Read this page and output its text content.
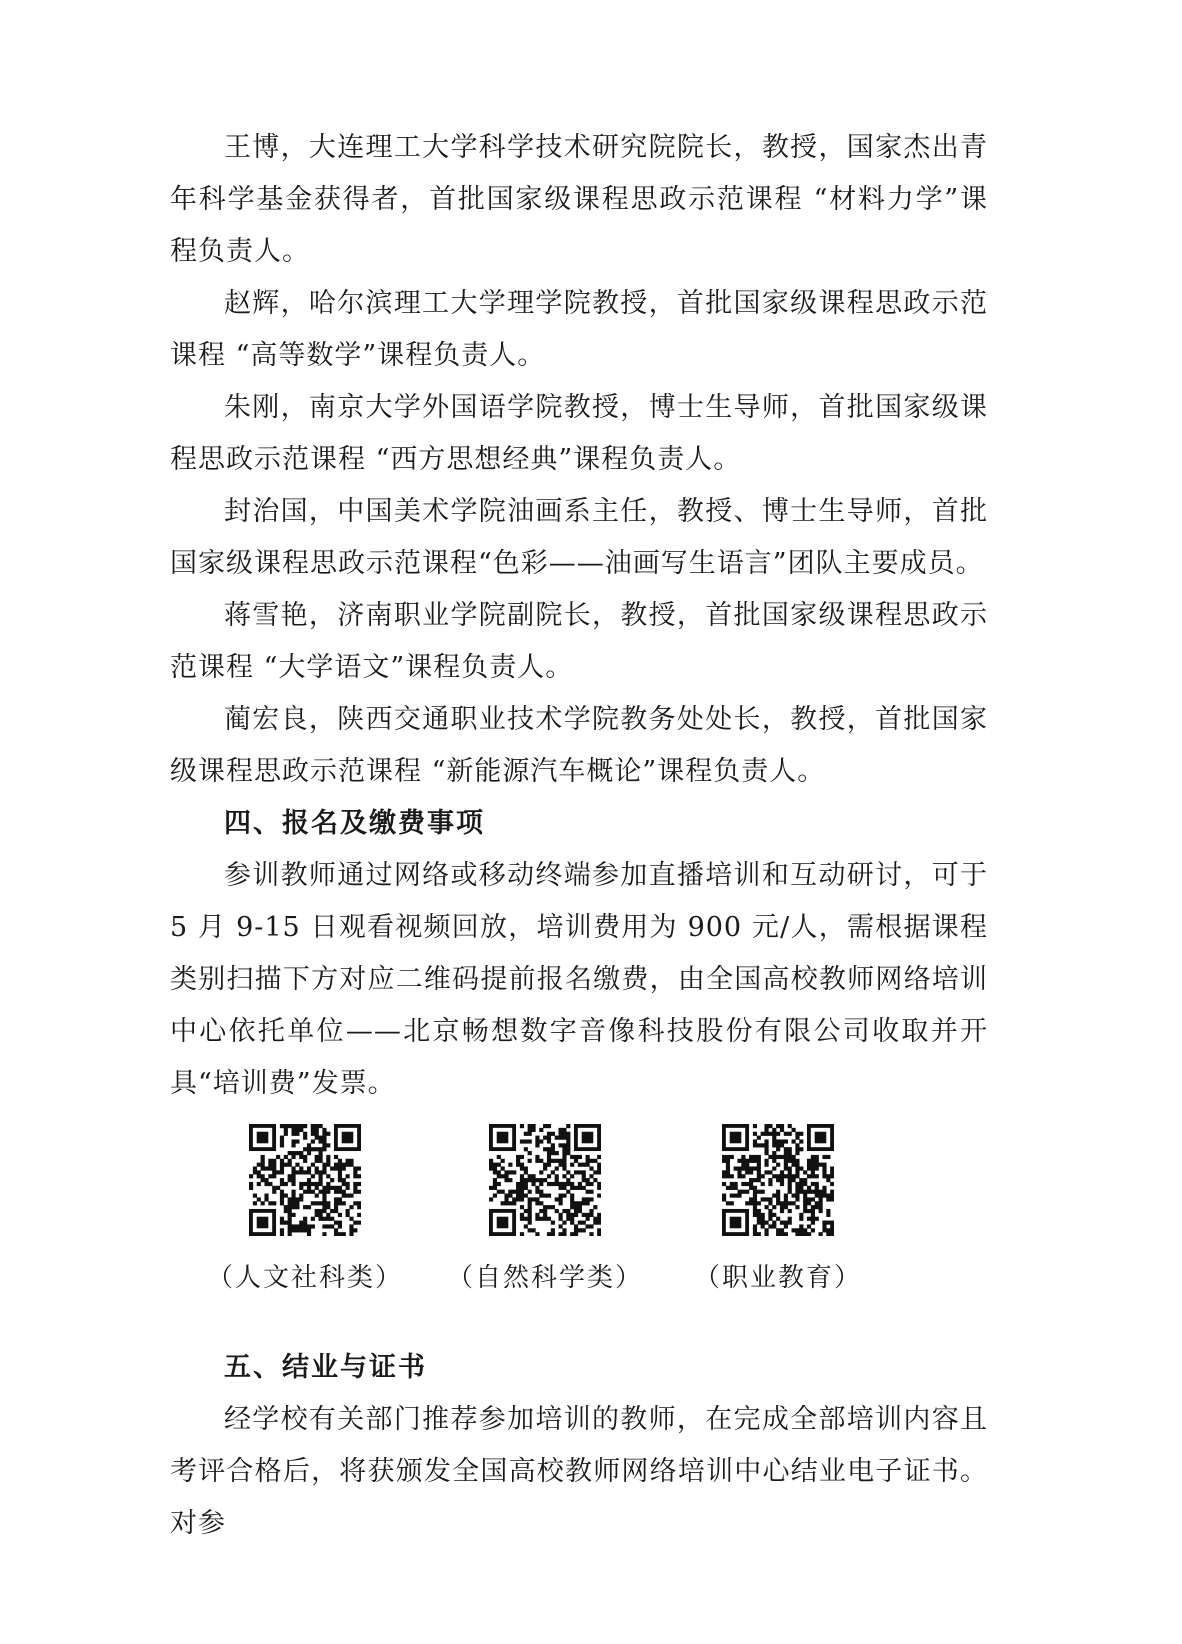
王博，大连理工大学科学技术研究院院长，教授，国家杰出青年科学基金获得者，首批国家级课程思政示范课程 “材料力学”课程负责人。

赵辉，哈尔滨理工大学理学院教授，首批国家级课程思政示范课程 “高等数学”课程负责人。

朱刚，南京大学外国语学院教授，博士生导师，首批国家级课程思政示范课程 “西方思想经典”课程负责人。

封治国，中国美术学院油画系主任，教授、博士生导师，首批国家级课程思政示范课程“色彩——油画写生语言”团队主要成员。

蒋雪艳，济南职业学院副院长，教授，首批国家级课程思政示范课程 “大学语文”课程负责人。

蔺宏良，陕西交通职业技术学院教务处处长，教授，首批国家级课程思政示范课程 “新能源汽车概论”课程负责人。

四、报名及缴费事项

参训教师通过网络或移动终端参加直播培训和互动研讨，可于 5 月 9-15 日观看视频回放，培训费用为 900 元/人，需根据课程类别扫描下方对应二维码提前报名缴费，由全国高校教师网络培训中心依托单位——北京畅想数字音像科技股份有限公司收取并开具“培训费”发票。

（人文社科类）	（自然科学类）	（职业教育）

五、结业与证书

经学校有关部门推荐参加培训的教师，在完成全部培训内容且考评合格后，将获颁发全国高校教师网络培训中心结业电子证书。对参
